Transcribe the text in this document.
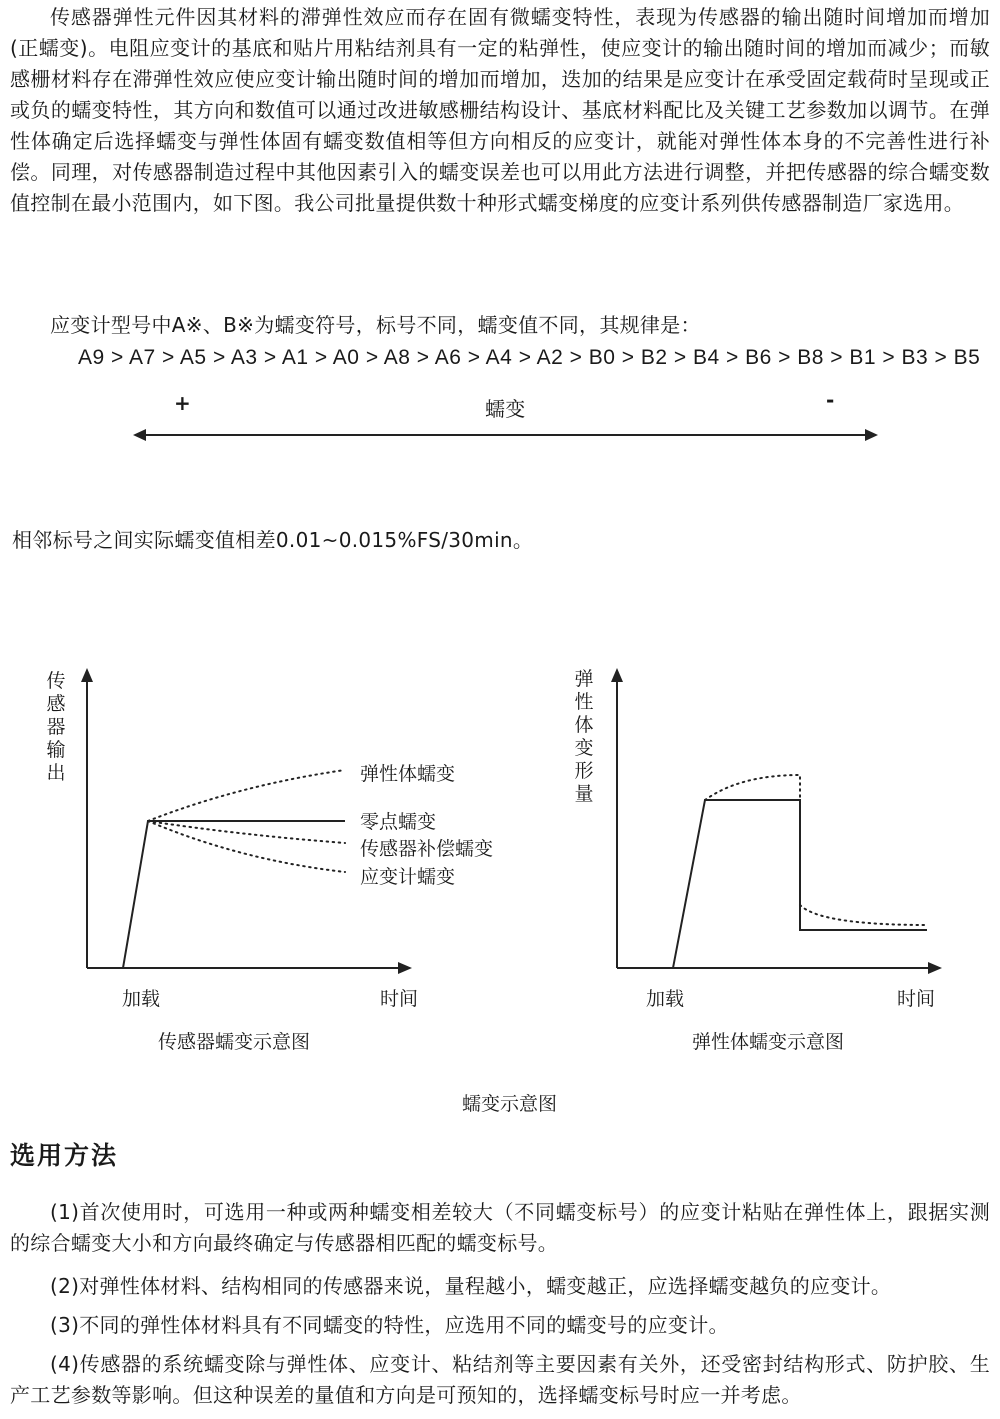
传感器弹性元件因其材料的滞弹性效应而存在固有微蠕变特性，表现为传感器的输出随时间增加而增加 (正蠕变)。电阻应变计的基底和贴片用粘结剂具有一定的粘弹性，使应变计的输出随时间的增加而减少；而敏感栅材料存在滞弹性效应使应变计输出随时间的增加而增加，迭加的结果是应变计在承受固定载荷时呈现或正或负的蠕变特性，其方向和数值可以通过改进敏感栅结构设计、基底材料配比及关键工艺参数加以调节。在弹性体确定后选择蠕变与弹性体固有蠕变数值相等但方向相反的应变计，就能对弹性体本身的不完善性进行补偿。同理，对传感器制造过程中其他因素引入的蠕变误差也可以用此方法进行调整，并把传感器的综合蠕变数值控制在最小范围内，如下图。我公司批量提供数十种形式蠕变梯度的应变计系列供传感器制造厂家选用。

应变计型号中A※、B※为蠕变符号，标号不同，蠕变值不同，其规律是：
A9 > A7 > A5 > A3 > A1 > A0 > A8 > A6 > A4 > A2 > B0 > B2 > B4 > B6 > B8 > B1 > B3 > B5
+	蠕变	-
相邻标号之间实际蠕变值相差0.01~0.015%FS/30min。
传
感
器
输
出	弹性体蠕变
零点蠕变
传感器补偿蠕变
应变计蠕变
加载	时间
传感器蠕变示意图
弹
性
体
变
形
量
加载	时间
弹性体蠕变示意图
蠕变示意图
选用方法

(1)首次使用时，可选用一种或两种蠕变相差较大（不同蠕变标号）的应变计粘贴在弹性体上，跟据实测的综合蠕变大小和方向最终确定与传感器相匹配的蠕变标号。

(2)对弹性体材料、结构相同的传感器来说，量程越小，蠕变越正，应选择蠕变越负的应变计。

(3)不同的弹性体材料具有不同蠕变的特性，应选用不同的蠕变号的应变计。

(4)传感器的系统蠕变除与弹性体、应变计、粘结剂等主要因素有关外，还受密封结构形式、防护胶、生产工艺参数等影响。但这种误差的量值和方向是可预知的，选择蠕变标号时应一并考虑。
